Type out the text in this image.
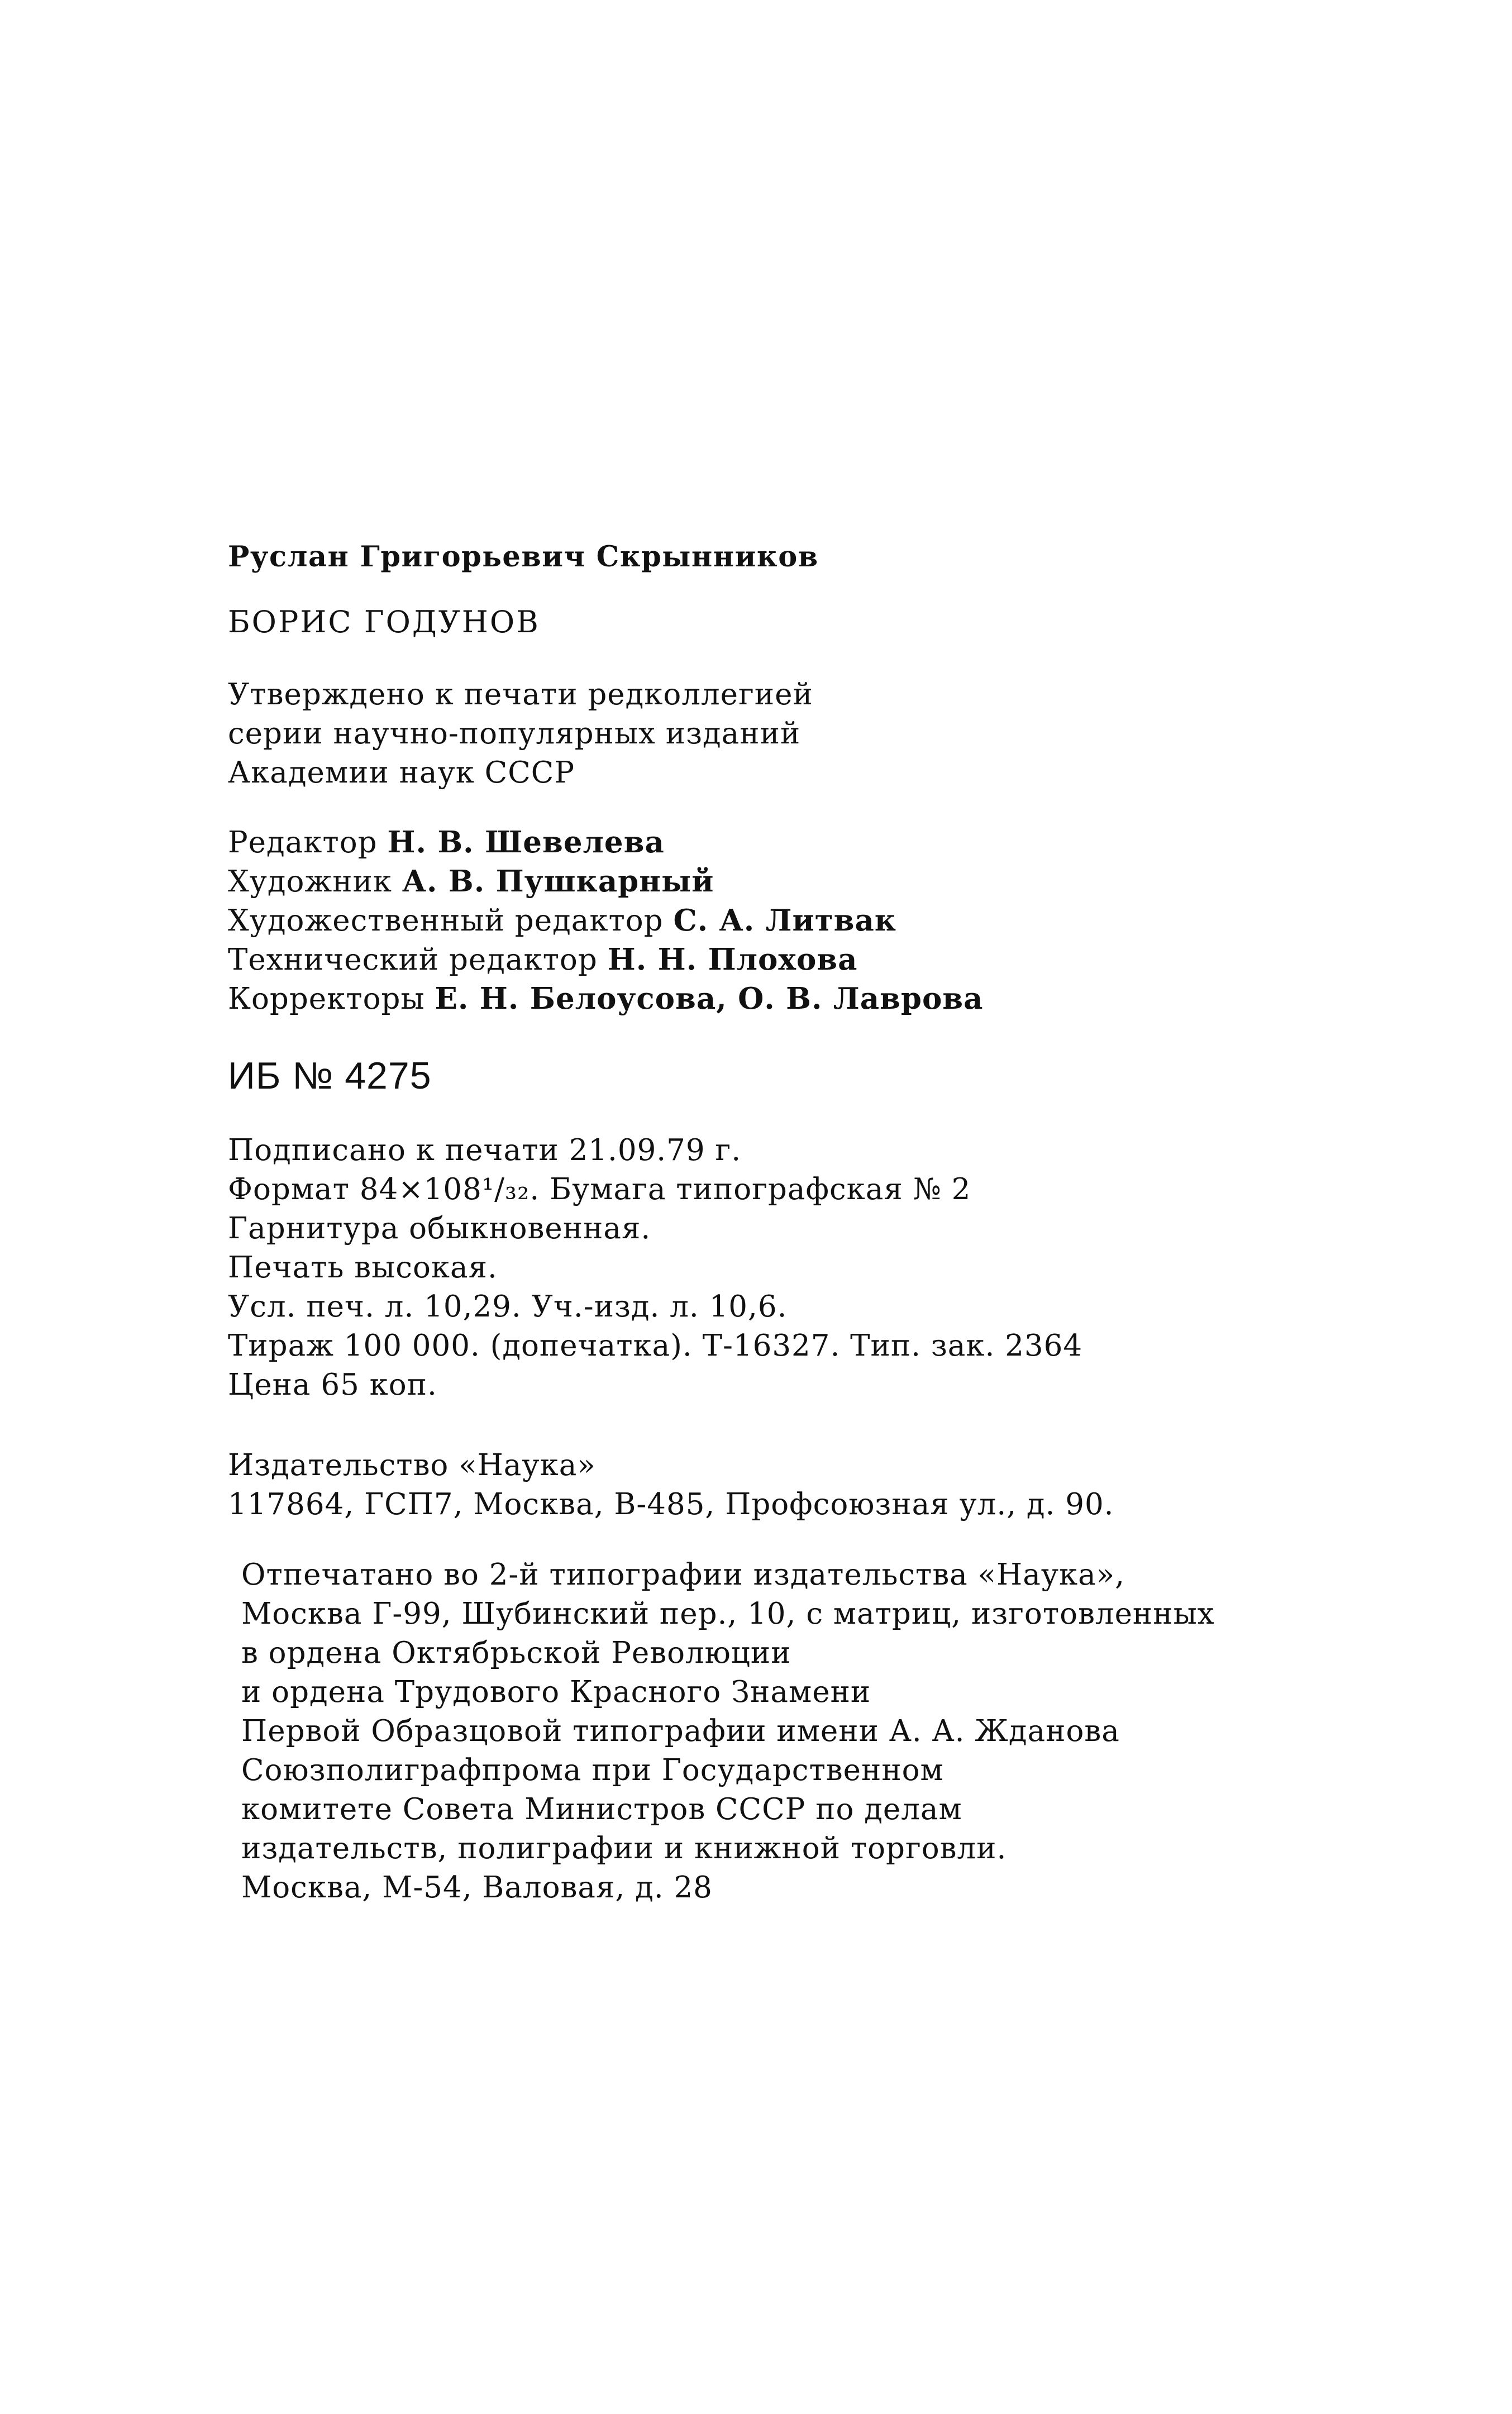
Руслан Григорьевич Скрынников
БОРИС ГОДУНОВ
Утверждено к печати редколлегией
серии научно-популярных изданий
Академии наук СССР
Редактор Н. В. Шевелева
Художник А. В. Пушкарный
Художественный редактор С. А. Литвак
Технический редактор Н. Н. Плохова
Корректоры Е. Н. Белоусова, О. В. Лаврова
ИБ № 4275
Подписано к печати 21.09.79 г.
Формат 84×108¹/₃₂. Бумага типографская № 2
Гарнитура обыкновенная.
Печать высокая.
Усл. печ. л. 10,29. Уч.-изд. л. 10,6.
Тираж 100 000. (допечатка). Т-16327. Тип. зак. 2364
Цена 65 коп.
Издательство «Наука»
117864, ГСП7, Москва, В-485, Профсоюзная ул., д. 90.
Отпечатано во 2-й типографии издательства «Наука»,
Москва Г-99, Шубинский пер., 10, с матриц, изготовленных
в ордена Октябрьской Революции
и ордена Трудового Красного Знамени
Первой Образцовой типографии имени А. А. Жданова
Союзполиграфпрома при Государственном
комитете Совета Министров СССР по делам
издательств, полиграфии и книжной торговли.
Москва, М-54, Валовая, д. 28
